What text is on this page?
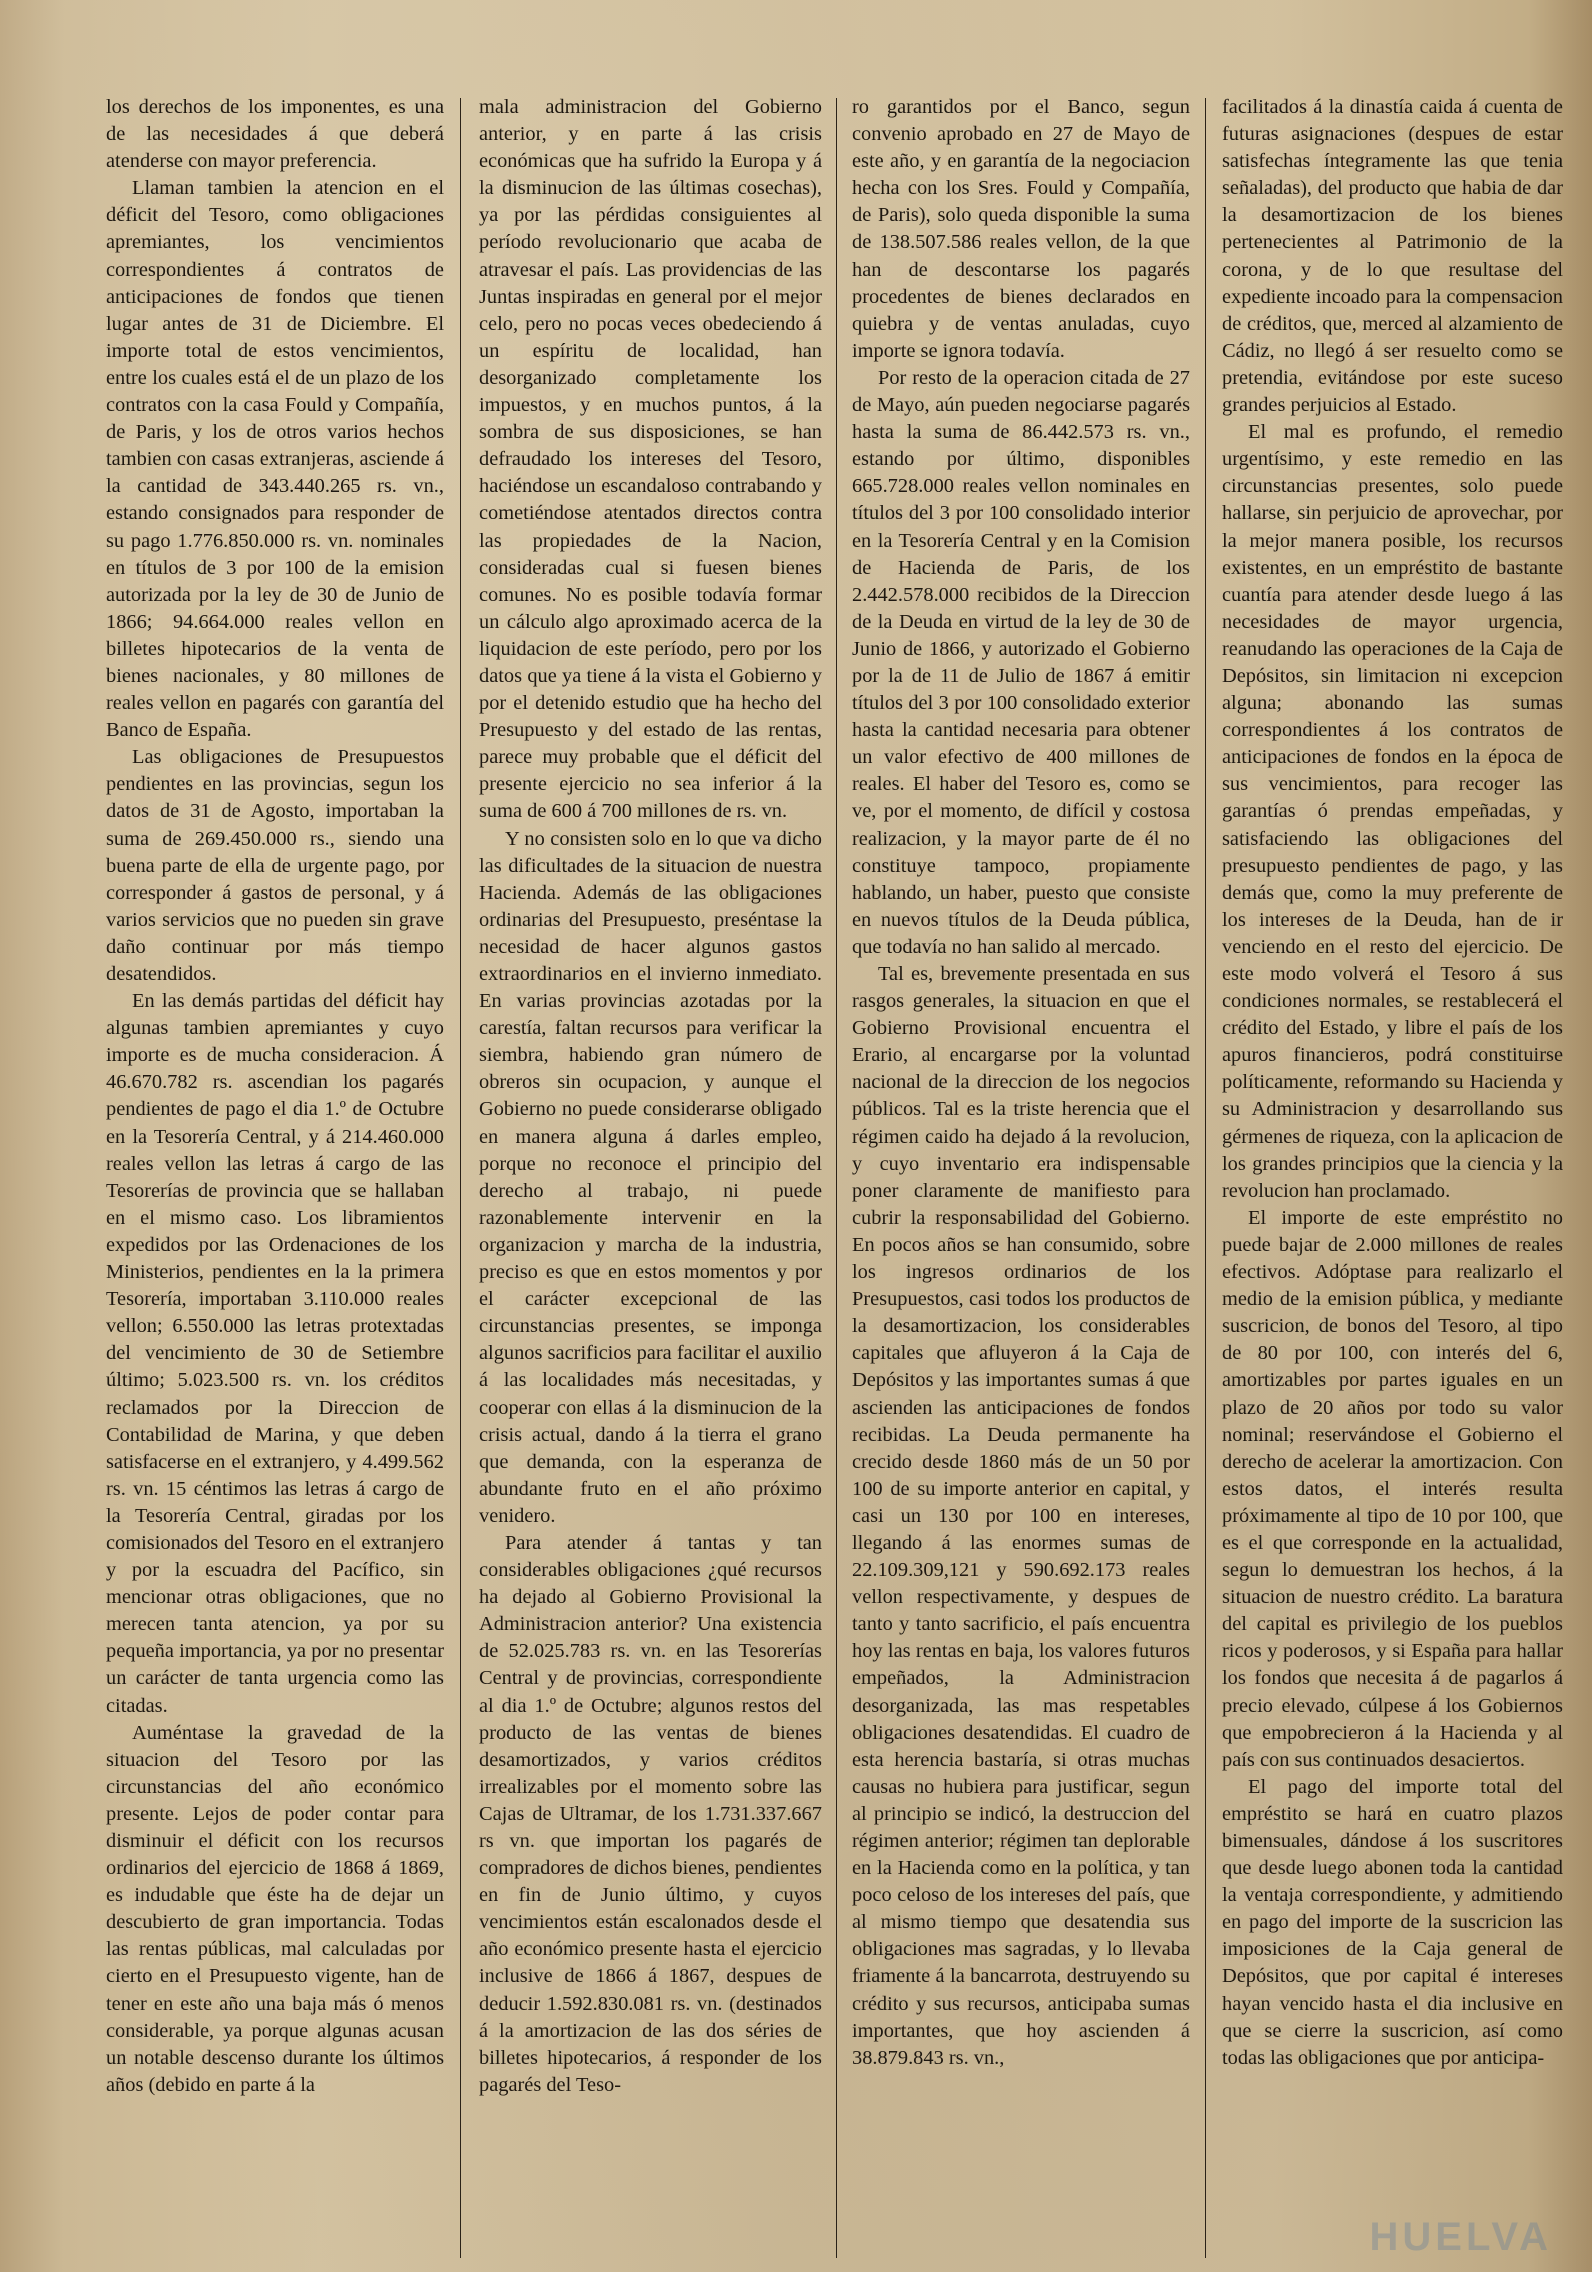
los derechos de los imponentes, es una de las necesidades á que deberá atenderse con mayor preferencia.

Llaman tambien la atencion en el déficit del Tesoro, como obligaciones apremiantes, los vencimientos correspondientes á contratos de anticipaciones de fondos que tienen lugar antes de 31 de Diciembre. El importe total de estos vencimientos, entre los cuales está el de un plazo de los contratos con la casa Fould y Compañía, de Paris, y los de otros varios hechos tambien con casas extranjeras, asciende á la cantidad de 343.440.265 rs. vn., estando consignados para responder de su pago 1.776.850.000 rs. vn. nominales en títulos de 3 por 100 de la emision autorizada por la ley de 30 de Junio de 1866; 94.664.000 reales vellon en billetes hipotecarios de la venta de bienes nacionales, y 80 millones de reales vellon en pagarés con garantía del Banco de España.

Las obligaciones de Presupuestos pendientes en las provincias, segun los datos de 31 de Agosto, importaban la suma de 269.450.000 rs., siendo una buena parte de ella de urgente pago, por corresponder á gastos de personal, y á varios servicios que no pueden sin grave daño continuar por más tiempo desatendidos.

En las demás partidas del déficit hay algunas tambien apremiantes y cuyo importe es de mucha consideracion. Á 46.670.782 rs. ascendian los pagarés pendientes de pago el dia 1.º de Octubre en la Tesorería Central, y á 214.460.000 reales vellon las letras á cargo de las Tesorerías de provincia que se hallaban en el mismo caso. Los libramientos expedidos por las Ordenaciones de los Ministerios, pendientes en la la primera Tesorería, importaban 3.110.000 reales vellon; 6.550.000 las letras protextadas del vencimiento de 30 de Setiembre último; 5.023.500 rs. vn. los créditos reclamados por la Direccion de Contabilidad de Marina, y que deben satisfacerse en el extranjero, y 4.499.562 rs. vn. 15 céntimos las letras á cargo de la Tesorería Central, giradas por los comisionados del Tesoro en el extranjero y por la escuadra del Pacífico, sin mencionar otras obligaciones, que no merecen tanta atencion, ya por su pequeña importancia, ya por no presentar un carácter de tanta urgencia como las citadas.

Auméntase la gravedad de la situacion del Tesoro por las circunstancias del año económico presente. Lejos de poder contar para disminuir el déficit con los recursos ordinarios del ejercicio de 1868 á 1869, es indudable que éste ha de dejar un descubierto de gran importancia. Todas las rentas públicas, mal calculadas por cierto en el Presupuesto vigente, han de tener en este año una baja más ó menos considerable, ya porque algunas acusan un notable descenso durante los últimos años (debido en parte á la

mala administracion del Gobierno anterior, y en parte á las crisis económicas que ha sufrido la Europa y á la disminucion de las últimas cosechas), ya por las pérdidas consiguientes al período revolucionario que acaba de atravesar el país. Las providencias de las Juntas inspiradas en general por el mejor celo, pero no pocas veces obedeciendo á un espíritu de localidad, han desorganizado completamente los impuestos, y en muchos puntos, á la sombra de sus disposiciones, se han defraudado los intereses del Tesoro, haciéndose un escandaloso contrabando y cometiéndose atentados directos contra las propiedades de la Nacion, consideradas cual si fuesen bienes comunes. No es posible todavía formar un cálculo algo aproximado acerca de la liquidacion de este período, pero por los datos que ya tiene á la vista el Gobierno y por el detenido estudio que ha hecho del Presupuesto y del estado de las rentas, parece muy probable que el déficit del presente ejercicio no sea inferior á la suma de 600 á 700 millones de rs. vn.

Y no consisten solo en lo que va dicho las dificultades de la situacion de nuestra Hacienda. Además de las obligaciones ordinarias del Presupuesto, preséntase la necesidad de hacer algunos gastos extraordinarios en el invierno inmediato. En varias provincias azotadas por la carestía, faltan recursos para verificar la siembra, habiendo gran número de obreros sin ocupacion, y aunque el Gobierno no puede considerarse obligado en manera alguna á darles empleo, porque no reconoce el principio del derecho al trabajo, ni puede razonablemente intervenir en la organizacion y marcha de la industria, preciso es que en estos momentos y por el carácter excepcional de las circunstancias presentes, se imponga algunos sacrificios para facilitar el auxilio á las localidades más necesitadas, y cooperar con ellas á la disminucion de la crisis actual, dando á la tierra el grano que demanda, con la esperanza de abundante fruto en el año próximo venidero.

Para atender á tantas y tan considerables obligaciones ¿qué recursos ha dejado al Gobierno Provisional la Administracion anterior? Una existencia de 52.025.783 rs. vn. en las Tesorerías Central y de provincias, correspondiente al dia 1.º de Octubre; algunos restos del producto de las ventas de bienes desamortizados, y varios créditos irrealizables por el momento sobre las Cajas de Ultramar, de los 1.731.337.667 rs vn. que importan los pagarés de compradores de dichos bienes, pendientes en fin de Junio último, y cuyos vencimientos están escalonados desde el año económico presente hasta el ejercicio inclusive de 1866 á 1867, despues de deducir 1.592.830.081 rs. vn. (destinados á la amortizacion de las dos séries de billetes hipotecarios, á responder de los pagarés del Teso-

ro garantidos por el Banco, segun convenio aprobado en 27 de Mayo de este año, y en garantía de la negociacion hecha con los Sres. Fould y Compañía, de Paris), solo queda disponible la suma de 138.507.586 reales vellon, de la que han de descontarse los pagarés procedentes de bienes declarados en quiebra y de ventas anuladas, cuyo importe se ignora todavía.

Por resto de la operacion citada de 27 de Mayo, aún pueden negociarse pagarés hasta la suma de 86.442.573 rs. vn., estando por último, disponibles 665.728.000 reales vellon nominales en títulos del 3 por 100 consolidado interior en la Tesorería Central y en la Comision de Hacienda de Paris, de los 2.442.578.000 recibidos de la Direccion de la Deuda en virtud de la ley de 30 de Junio de 1866, y autorizado el Gobierno por la de 11 de Julio de 1867 á emitir títulos del 3 por 100 consolidado exterior hasta la cantidad necesaria para obtener un valor efectivo de 400 millones de reales. El haber del Tesoro es, como se ve, por el momento, de difícil y costosa realizacion, y la mayor parte de él no constituye tampoco, propiamente hablando, un haber, puesto que consiste en nuevos títulos de la Deuda pública, que todavía no han salido al mercado.

Tal es, brevemente presentada en sus rasgos generales, la situacion en que el Gobierno Provisional encuentra el Erario, al encargarse por la voluntad nacional de la direccion de los negocios públicos. Tal es la triste herencia que el régimen caido ha dejado á la revolucion, y cuyo inventario era indispensable poner claramente de manifiesto para cubrir la responsabilidad del Gobierno. En pocos años se han consumido, sobre los ingresos ordinarios de los Presupuestos, casi todos los productos de la desamortizacion, los considerables capitales que afluyeron á la Caja de Depósitos y las importantes sumas á que ascienden las anticipaciones de fondos recibidas. La Deuda permanente ha crecido desde 1860 más de un 50 por 100 de su importe anterior en capital, y casi un 130 por 100 en intereses, llegando á las enormes sumas de 22.109.309,121 y 590.692.173 reales vellon respectivamente, y despues de tanto y tanto sacrificio, el país encuentra hoy las rentas en baja, los valores futuros empeñados, la Administracion desorganizada, las mas respetables obligaciones desatendidas. El cuadro de esta herencia bastaría, si otras muchas causas no hubiera para justificar, segun al principio se indicó, la destruccion del régimen anterior; régimen tan deplorable en la Hacienda como en la política, y tan poco celoso de los intereses del país, que al mismo tiempo que desatendia sus obligaciones mas sagradas, y lo llevaba friamente á la bancarrota, destruyendo su crédito y sus recursos, anticipaba sumas importantes, que hoy ascienden á 38.879.843 rs. vn.,

facilitados á la dinastía caida á cuenta de futuras asignaciones (despues de estar satisfechas íntegramente las que tenia señaladas), del producto que habia de dar la desamortizacion de los bienes pertenecientes al Patrimonio de la corona, y de lo que resultase del expediente incoado para la compensacion de créditos, que, merced al alzamiento de Cádiz, no llegó á ser resuelto como se pretendia, evitándose por este suceso grandes perjuicios al Estado.

El mal es profundo, el remedio urgentísimo, y este remedio en las circunstancias presentes, solo puede hallarse, sin perjuicio de aprovechar, por la mejor manera posible, los recursos existentes, en un empréstito de bastante cuantía para atender desde luego á las necesidades de mayor urgencia, reanudando las operaciones de la Caja de Depósitos, sin limitacion ni excepcion alguna; abonando las sumas correspondientes á los contratos de anticipaciones de fondos en la época de sus vencimientos, para recoger las garantías ó prendas empeñadas, y satisfaciendo las obligaciones del presupuesto pendientes de pago, y las demás que, como la muy preferente de los intereses de la Deuda, han de ir venciendo en el resto del ejercicio. De este modo volverá el Tesoro á sus condiciones normales, se restablecerá el crédito del Estado, y libre el país de los apuros financieros, podrá constituirse políticamente, reformando su Hacienda y su Administracion y desarrollando sus gérmenes de riqueza, con la aplicacion de los grandes principios que la ciencia y la revolucion han proclamado.

El importe de este empréstito no puede bajar de 2.000 millones de reales efectivos. Adóptase para realizarlo el medio de la emision pública, y mediante suscricion, de bonos del Tesoro, al tipo de 80 por 100, con interés del 6, amortizables por partes iguales en un plazo de 20 años por todo su valor nominal; reservándose el Gobierno el derecho de acelerar la amortizacion. Con estos datos, el interés resulta próximamente al tipo de 10 por 100, que es el que corresponde en la actualidad, segun lo demuestran los hechos, á la situacion de nuestro crédito. La baratura del capital es privilegio de los pueblos ricos y poderosos, y si España para hallar los fondos que necesita á de pagarlos á precio elevado, cúlpese á los Gobiernos que empobrecieron á la Hacienda y al país con sus continuados desaciertos.

El pago del importe total del empréstito se hará en cuatro plazos bimensuales, dándose á los suscritores que desde luego abonen toda la cantidad la ventaja correspondiente, y admitiendo en pago del importe de la suscricion las imposiciones de la Caja general de Depósitos, que por capital é intereses hayan vencido hasta el dia inclusive en que se cierre la suscricion, así como todas las obligaciones que por anticipa-

HUELVA
